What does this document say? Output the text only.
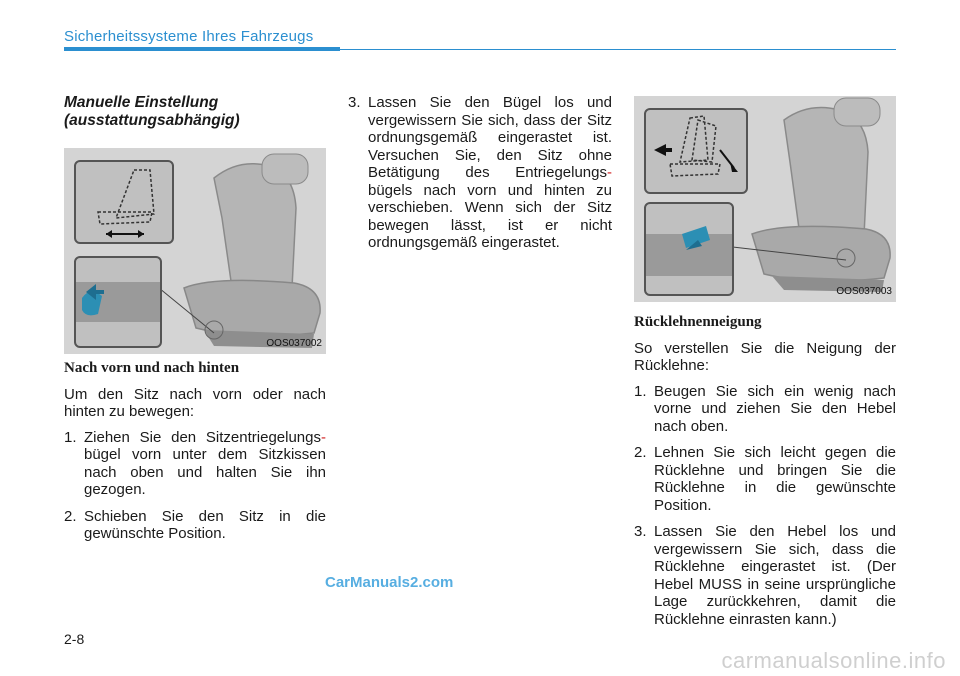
Sicherheitssysteme Ihres Fahrzeugs
Manuelle Einstellung
(ausstattungsabhängig)
OOS037002
Nach vorn und nach hinten

Um den Sitz nach vorn oder nach hinten zu bewegen:

1. Ziehen Sie den Sitzentriegelungs- bügel vorn unter dem Sitzkissen nach oben und halten Sie ihn gezogen.
2. Schieben Sie den Sitz in die gewünschte Position.
3. Lassen Sie den Bügel los und vergewissern Sie sich, dass der Sitz ordnungsgemäß eingerastet ist. Versuchen Sie, den Sitz ohne Betätigung des Entriegelungs- bügels nach vorn und hinten zu verschieben. Wenn sich der Sitz bewegen lässt, ist er nicht ordnungsgemäß eingerastet.
OOS037003
Rücklehnenneigung

So verstellen Sie die Neigung der Rücklehne:

1. Beugen Sie sich ein wenig nach vorne und ziehen Sie den Hebel nach oben.
2. Lehnen Sie sich leicht gegen die Rücklehne und bringen Sie die Rücklehne in die gewünschte Position.
3. Lassen Sie den Hebel los und vergewissern Sie sich, dass die Rücklehne eingerastet ist. (Der Hebel MUSS in seine ursprüngliche Lage zurückkehren, damit die Rücklehne einrasten kann.)
CarManuals2.com
2-8
carmanualsonline.info
